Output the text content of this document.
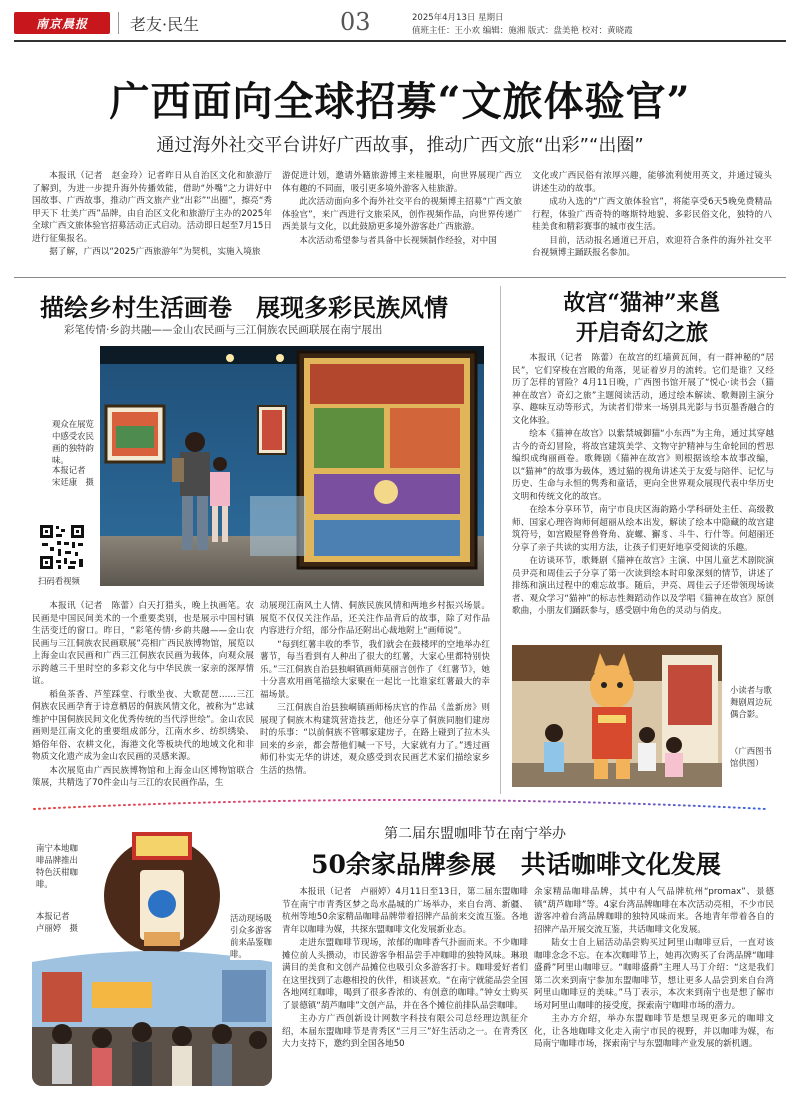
南京晨报	老友·民生	03	2025年4月13日 星期日
值班主任：王小欢 编辑：施湘 版式：盘美艳 校对：黄晓霞
广西面向全球招募“文旅体验官”
通过海外社交平台讲好广西故事，推动广西文旅“出彩”“出圈”

本报讯（记者　赵金玲）记者昨日从自治区文化和旅游厅了解到，为进一步提升海外传播效能，借助“外嘴”之力讲好中国故事、广西故事，推动广西文旅产业“出彩”“出圈”，擦亮“秀甲天下 壮美广西”品牌，由自治区文化和旅游厅主办的2025年全球广西文旅体验官招募活动正式启动。活动即日起至7月15日进行征集报名。

据了解，广西以“2025广西旅游年”为契机，实施入境旅

游促进计划，邀请外籍旅游博主来桂履职，向世界展现广西立体有趣的不同面，吸引更多境外游客入桂旅游。

此次活动面向多个海外社交平台的视频博主招募“广西文旅体验官”，来广西进行文旅采风，创作视频作品，向世界传递广西美景与文化，以此鼓励更多境外游客赴广西旅游。

本次活动希望参与者具备中长视频制作经验，对中国

文化或广西民俗有浓厚兴趣，能够流利使用英文，并通过镜头讲述生动的故事。

成功入选的“广西文旅体验官”，将能享受6天5晚免费精品行程，体验广西奇特的喀斯特地貌、多彩民俗文化，独特的八桂美食和精彩赛事的城市夜生活。

目前，活动报名通道已开启，欢迎符合条件的海外社交平台视频博主踊跃报名参加。

描绘乡村生活画卷　展现多彩民族风情
彩笔传情·乡韵共融——金山农民画与三江侗族农民画联展在南宁展出
观众在展览中感受农民画的独特韵味。
本报记者　宋廷康　摄
扫码看视频

本报讯（记者　陈蕾）白天打猎头，晚上执画笔。农民画是中国民间美术的一个重要类别，也是展示中国村镇生活变迁的窗口。昨日，“彩笔传情·乡韵共融——金山农民画与三江侗族农民画联展”亮相广西民族博物馆，展览以上海金山农民画和广西三江侗族农民画为载体，向观众展示跨越三千里时空的多彩文化与中华民族一家亲的深厚情谊。

稻鱼茶香、芦笙踩堂、行歌坐夜、大歌琵琶……三江侗族农民画孕育于诗意栖居的侗族风情文化，被称为“忠诚维护中国侗族民间文化优秀传统的当代浮世绘”。金山农民画则是江南文化的重要组成部分，江南水乡、纺织绣染、婚俗年俗、农耕文化，海港文化等板块代的地域文化和非物质文化遗产成为金山农民画的灵感来源。

本次展览由广西民族博物馆和上海金山区博物馆联合策展，共精选了70件金山与三江的农民画作品，生

动展现江南风土人情、侗族民族风情和两地乡村振兴场景。展览不仅仅关注作品，还关注作品背后的故事，除了对作品内容进行介绍，部分作品还附出心裁地附上“画师说”。

“每到红薯丰收的季节，我们就会在鼓楼坪的空地举办红薯节，每当看到有人种出了很大的红薯，大家心里都特别快乐。”三江侗族自治县独峒镇画师莫丽言创作了《红薯节》，她十分喜欢用画笔描绘大家聚在一起比一比谁家红薯最大的幸福场景。

三江侗族自治县独峒镇画师杨庆官的作品《盖新房》则展现了侗族木构建筑营造技艺，他还分享了侗族同胞们建房时的乐事：“以前侗族不管哪家建房子，在路上碰到了拉木头回来的乡亲，都会帮他们喊一下号，大家就有力了。”透过画师们朴实无华的讲述，观众感受到农民画艺术家们描绘家乡生活的热情。

故宫“猫神”来邕
开启奇幻之旅

本报讯（记者　陈蕾）在故宫的红墙黄瓦间，有一群神秘的“居民”，它们穿梭在宫殿的角落，见证着岁月的流转。它们是谁？又经历了怎样的冒险？4月11日晚，广西图书馆开展了“悦心·读书会（猫神在故宫）奇幻之旅”主题阅读活动，通过绘本解读、歌舞剧主演分享、趣味互动等形式，为读者们带来一场别具光影与书页墨香融合的文化体验。

绘本《猫神在故宫》以紫禁城御猫“小东西”为主角，通过其穿越古今的奇幻冒险，将故宫建筑美学、文物守护精神与生命轮回的哲思编织成绚丽画卷。歌舞剧《猫神在故宫》则根据该绘本故事改编，以“猫神”的故事为载体，透过猫的视角讲述关于友爱与陪伴、记忆与历史、生命与永恒的隽秀和童话，更向全世界观众展现代表中华历史文明和传统文化的故宫。

在绘本分享环节，南宁市良庆区海韵路小学科研处主任、高级教师、国家心理咨询师何超丽从绘本出发，解读了绘本中隐藏的故宫建筑符号，如宫殿屋脊兽脊角、旋螺、獬豸、斗牛、行什等。何超丽还分享了亲子共读的实用方法，让孩子们更好地享受阅读的乐趣。

在访谈环节，歌舞剧《猫神在故宫》主演、中国儿童艺术剧院演员尹亮和周佳云子分享了第一次读到绘本时印象深刻的情节，讲述了排练和演出过程中的难忘故事。随后，尹亮、周佳云子还带领现场读者、观众学习“猫神”的标志性舞蹈动作以及学唱《猫神在故宫》原创歌曲，小朋友们踊跃参与，感受剧中角色的灵动与俏皮。

小读者与歌舞剧周边玩偶合影。
（广西图书馆供图）
第二届东盟咖啡节在南宁举办
50余家品牌参展　共话咖啡文化发展
南宁本地咖啡品牌推出特色沃柑咖啡。
本报记者　卢丽婷　摄
活动现场吸引众多游客前来品鉴咖啡。

本报讯（记者　卢丽婷）4月11日至13日，第二届东盟咖啡节在南宁市青秀区梦之岛水晶城的广场举办，来自台湾、新疆、杭州等地50余家精品咖啡品牌带着招牌产品前来交流互鉴。各地青年以咖啡为媒，共探东盟咖啡文化发展新业态。

走进东盟咖啡节现场，浓郁的咖啡香气扑面而来。不少咖啡摊位前人头攒动，市民游客争相品尝手冲咖啡的独特风味。琳琅满目的美食和文创产品摊位也吸引众多游客打卡。咖啡爱好者们在这里找到了志趣相投的伙伴，相谈甚欢。“在南宁就能品尝全国各地网红咖啡，喝到了很多香浓的、有创意的咖啡。”钟女士购买了景德镇“葫芦咖啡”文创产品，并在各个摊位前排队品尝咖啡。

主办方广西创新设计网数字科技有限公司总经理边凯征介绍，本届东盟咖啡节是青秀区“三月三”好生活动之一。在青秀区大力支持下，邀约到全国各地50

余家精品咖啡品牌，其中有人气品牌杭州“promax”、景德镇“葫芦咖啡”等。4家台湾品牌咖啡在本次活动亮相，不少市民游客冲着台湾品牌咖啡的独特风味而来。各地青年带着各自的招牌产品开展交流互鉴，共话咖啡文化发展。

陆女士自上届活动品尝购买过阿里山咖啡豆后，一直对该咖啡念念不忘。在本次咖啡节上，她再次购买了台湾品牌“咖啡盛爵”阿里山咖啡豆。“咖啡盛爵”主理人马丁介绍：“这是我们第二次来到南宁参加东盟咖啡节，想让更多人品尝到来自台湾阿里山咖啡豆的美味。”马丁表示，本次来到南宁也是想了解市场对阿里山咖啡的接受度，探索南宁咖啡市场的潜力。

主办方介绍，举办东盟咖啡节是想呈现更多元的咖啡文化，让各地咖啡文化走入南宁市民的视野，并以咖啡为媒，布局南宁咖啡市场，探索南宁与东盟咖啡产业发展的新机遇。
